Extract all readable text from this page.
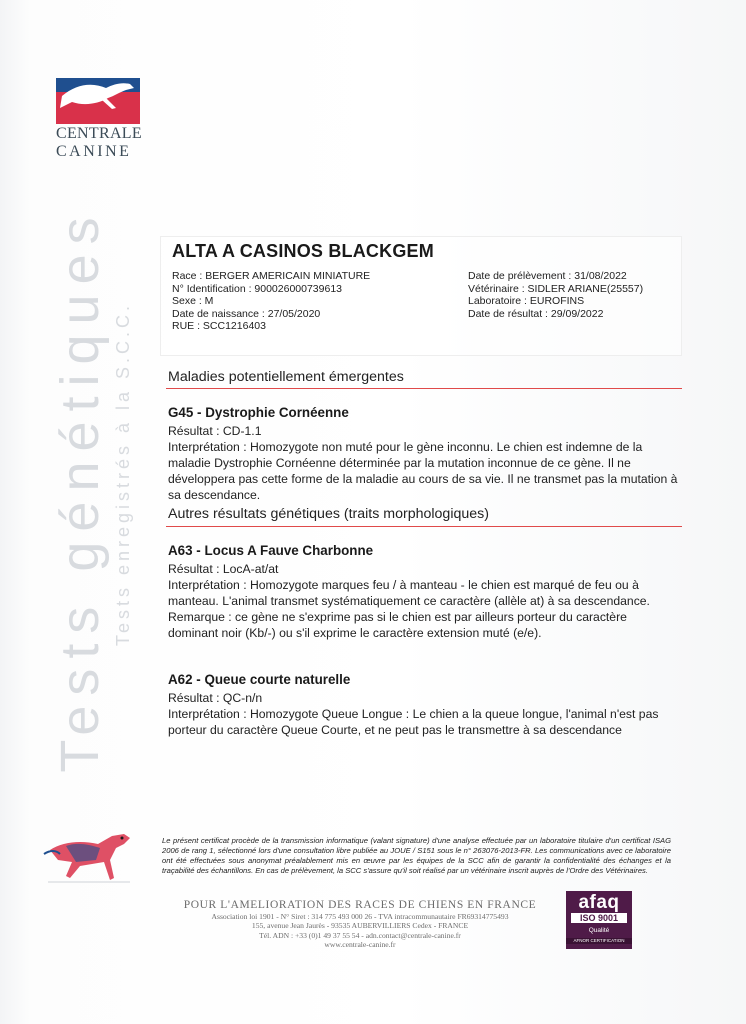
CENTRALE
CANINE
Tests génétiques Tests enregistrés à la S.C.C.
ALTA A CASINOS BLACKGEM
Race : BERGER AMERICAIN MINIATURE
N° Identification : 900026000739613
Sexe : M
Date de naissance : 27/05/2020
RUE : SCC1216403
Date de prélèvement : 31/08/2022
Vétérinaire : SIDLER ARIANE(25557)
Laboratoire : EUROFINS
Date de résultat : 29/09/2022
Maladies potentiellement émergentes
G45 - Dystrophie Cornéenne
Résultat : CD-1.1
Interprétation : Homozygote non muté pour le gène inconnu. Le chien est indemne de la maladie Dystrophie Cornéenne déterminée par la mutation inconnue de ce gène. Il ne développera pas cette forme de la maladie au cours de sa vie. Il ne transmet pas la mutation à sa descendance.
Autres résultats génétiques (traits morphologiques)
A63 - Locus A Fauve Charbonne
Résultat : LocA-at/at
Interprétation : Homozygote marques feu / à manteau - le chien est marqué de feu ou à manteau. L'animal transmet systématiquement ce caractère (allèle at) à sa descendance. Remarque : ce gène ne s'exprime pas si le chien est par ailleurs porteur du caractère dominant noir (Kb/-) ou s'il exprime le caractère extension muté (e/e).
A62 - Queue courte naturelle
Résultat : QC-n/n
Interprétation : Homozygote Queue Longue : Le chien a la queue longue, l'animal n'est pas porteur du caractère Queue Courte, et ne peut pas le transmettre à sa descendance
Le présent certificat procède de la transmission informatique (valant signature) d'une analyse effectuée par un laboratoire titulaire d'un certificat ISAG 2006 de rang 1, sélectionné lors d'une consultation libre publiée au JOUE / S151 sous le n° 263076-2013-FR. Les communications avec ce laboratoire ont été effectuées sous anonymat préalablement mis en œuvre par les équipes de la SCC afin de garantir la confidentialité des échanges et la traçabilité des échantillons. En cas de prélèvement, la SCC s'assure qu'il soit réalisé par un vétérinaire inscrit auprès de l'Ordre des Vétérinaires.
POUR L'AMELIORATION DES RACES DE CHIENS EN FRANCE
Association loi 1901 - N° Siret : 314 775 493 000 26 - TVA intracommunautaire FR69314775493
155, avenue Jean Jaurès - 93535 AUBERVILLIERS Cedex - FRANCE
Tél. ADN : +33 (0)1 49 37 55 54 - adn.contact@centrale-canine.fr
www.centrale-canine.fr
afaq
ISO 9001
Qualité
AFNOR CERTIFICATION
